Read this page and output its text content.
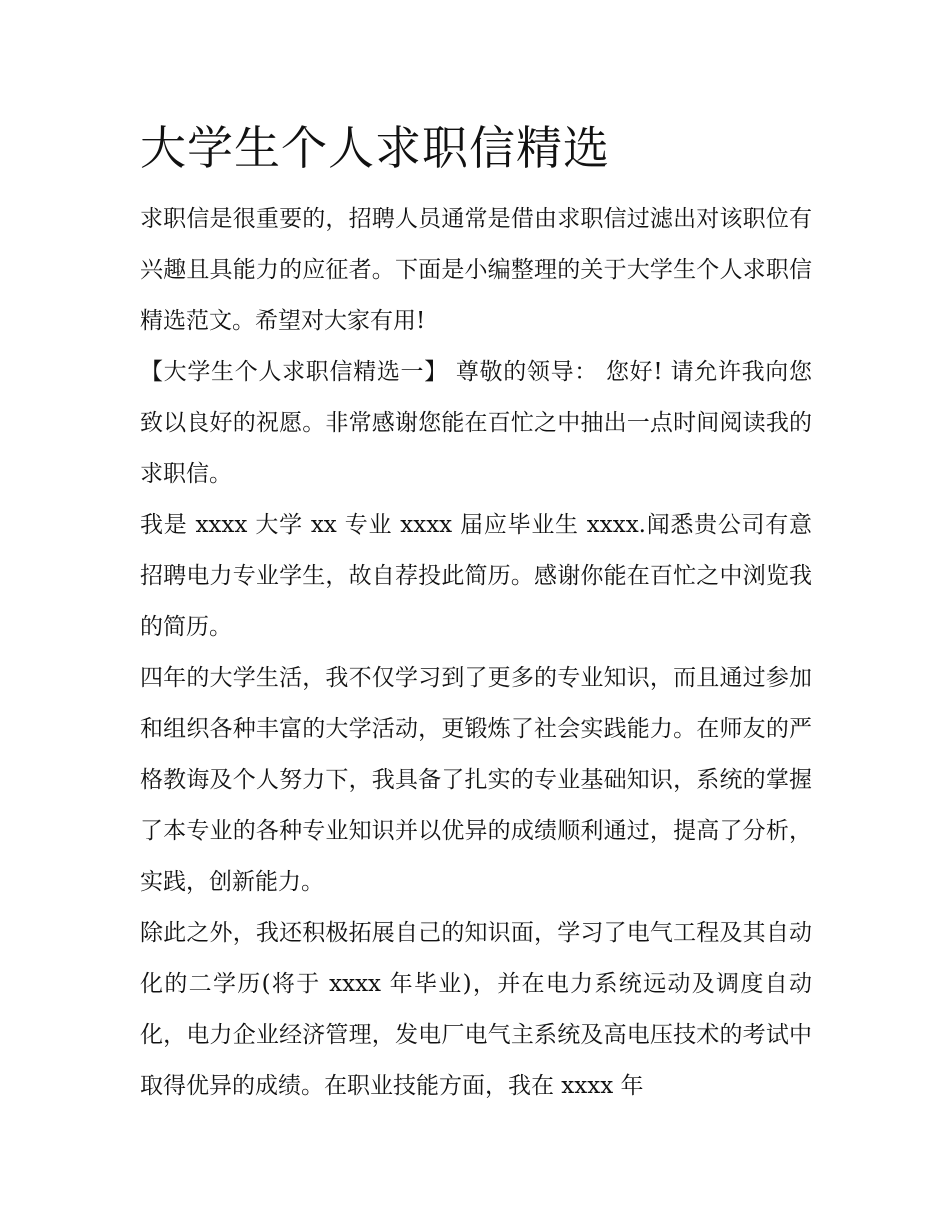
大学生个人求职信精选

求职信是很重要的，招聘人员通常是借由求职信过滤出对该职位有兴趣且具能力的应征者。下面是小编整理的关于大学生个人求职信精选范文。希望对大家有用!

【大学生个人求职信精选一】 尊敬的领导： 您好! 请允许我向您致以良好的祝愿。非常感谢您能在百忙之中抽出一点时间阅读我的求职信。

我是 xxxx 大学 xx 专业 xxxx 届应毕业生 xxxx.闻悉贵公司有意招聘电力专业学生，故自荐投此简历。感谢你能在百忙之中浏览我的简历。

四年的大学生活，我不仅学习到了更多的专业知识，而且通过参加和组织各种丰富的大学活动，更锻炼了社会实践能力。在师友的严格教诲及个人努力下，我具备了扎实的专业基础知识，系统的掌握了本专业的各种专业知识并以优异的成绩顺利通过，提高了分析，实践，创新能力。

除此之外，我还积极拓展自己的知识面，学习了电气工程及其自动化的二学历(将于 xxxx 年毕业)，并在电力系统远动及调度自动化，电力企业经济管理，发电厂电气主系统及高电压技术的考试中取得优异的成绩。在职业技能方面，我在 xxxx 年
